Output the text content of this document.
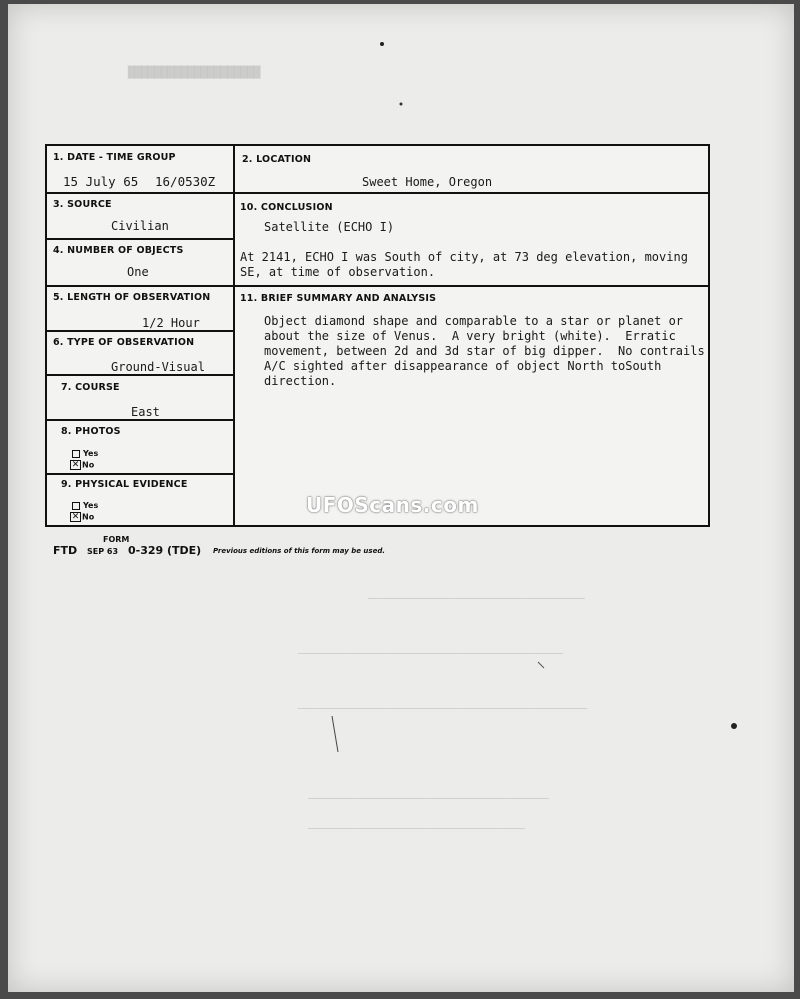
████████████████████
────────────────────────────────────
────────────────────────────────────────────
────────────────────────────────────────────────
────────────────────────────────────────
────────────────────────────────────
1. DATE - TIME GROUP
15 July 65 16/0530Z
2. LOCATION
Sweet Home, Oregon
3. SOURCE
Civilian
10. CONCLUSION
Satellite (ECHO I)
At 2141, ECHO I was South of city, at 73 deg elevation, moving
SE, at time of observation.
4. NUMBER OF OBJECTS
One
5. LENGTH OF OBSERVATION
1/2 Hour
11. BRIEF SUMMARY AND ANALYSIS
Object diamond shape and comparable to a star or planet or
about the size of Venus.  A very bright (white).  Erratic
movement, between 2d and 3d star of big dipper.  No contrails
A/C sighted after disappearance of object North toSouth
direction.
6. TYPE OF OBSERVATION
Ground-Visual
7. COURSE
East
8. PHOTOS
Yes
✕ No
9. PHYSICAL EVIDENCE
Yes
✕ No
FORM
FTD SEP 63 0-329 (TDE) Previous editions of this form may be used.
UFOScans.com
